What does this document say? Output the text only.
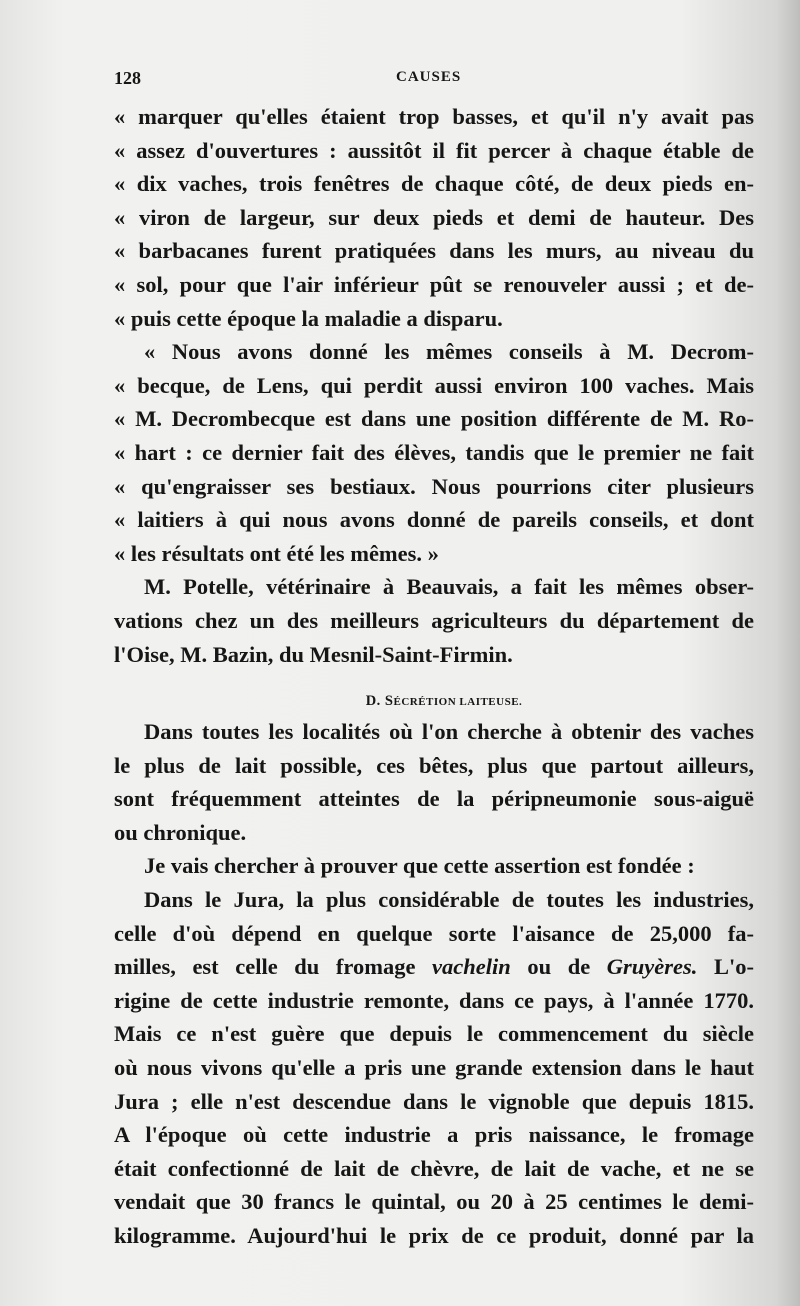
128	CAUSES
« marquer qu'elles étaient trop basses, et qu'il n'y avait pas
« assez d'ouvertures : aussitôt il fit percer à chaque étable de
« dix vaches, trois fenêtres de chaque côté, de deux pieds en-
« viron de largeur, sur deux pieds et demi de hauteur. Des
« barbacanes furent pratiquées dans les murs, au niveau du
« sol, pour que l'air inférieur pût se renouveler aussi ; et de-
« puis cette époque la maladie a disparu.
« Nous avons donné les mêmes conseils à M. Decrom-
« becque, de Lens, qui perdit aussi environ 100 vaches. Mais
« M. Decrombecque est dans une position différente de M. Ro-
« hart : ce dernier fait des élèves, tandis que le premier ne fait
« qu'engraisser ses bestiaux. Nous pourrions citer plusieurs
« laitiers à qui nous avons donné de pareils conseils, et dont
« les résultats ont été les mêmes. »
M. Potelle, vétérinaire à Beauvais, a fait les mêmes obser-
vations chez un des meilleurs agriculteurs du département de
l'Oise, M. Bazin, du Mesnil-Saint-Firmin.
D. SÉCRÉTION LAITEUSE.
Dans toutes les localités où l'on cherche à obtenir des vaches
le plus de lait possible, ces bêtes, plus que partout ailleurs,
sont fréquemment atteintes de la péripneumonie sous-aiguë
ou chronique.
Je vais chercher à prouver que cette assertion est fondée :
Dans le Jura, la plus considérable de toutes les industries,
celle d'où dépend en quelque sorte l'aisance de 25,000 fa-
milles, est celle du fromage vachelin ou de Gruyères. L'o-
rigine de cette industrie remonte, dans ce pays, à l'année 1770.
Mais ce n'est guère que depuis le commencement du siècle
où nous vivons qu'elle a pris une grande extension dans le haut
Jura ; elle n'est descendue dans le vignoble que depuis 1815.
A l'époque où cette industrie a pris naissance, le fromage
était confectionné de lait de chèvre, de lait de vache, et ne se
vendait que 30 francs le quintal, ou 20 à 25 centimes le demi-
kilogramme. Aujourd'hui le prix de ce produit, donné par la
